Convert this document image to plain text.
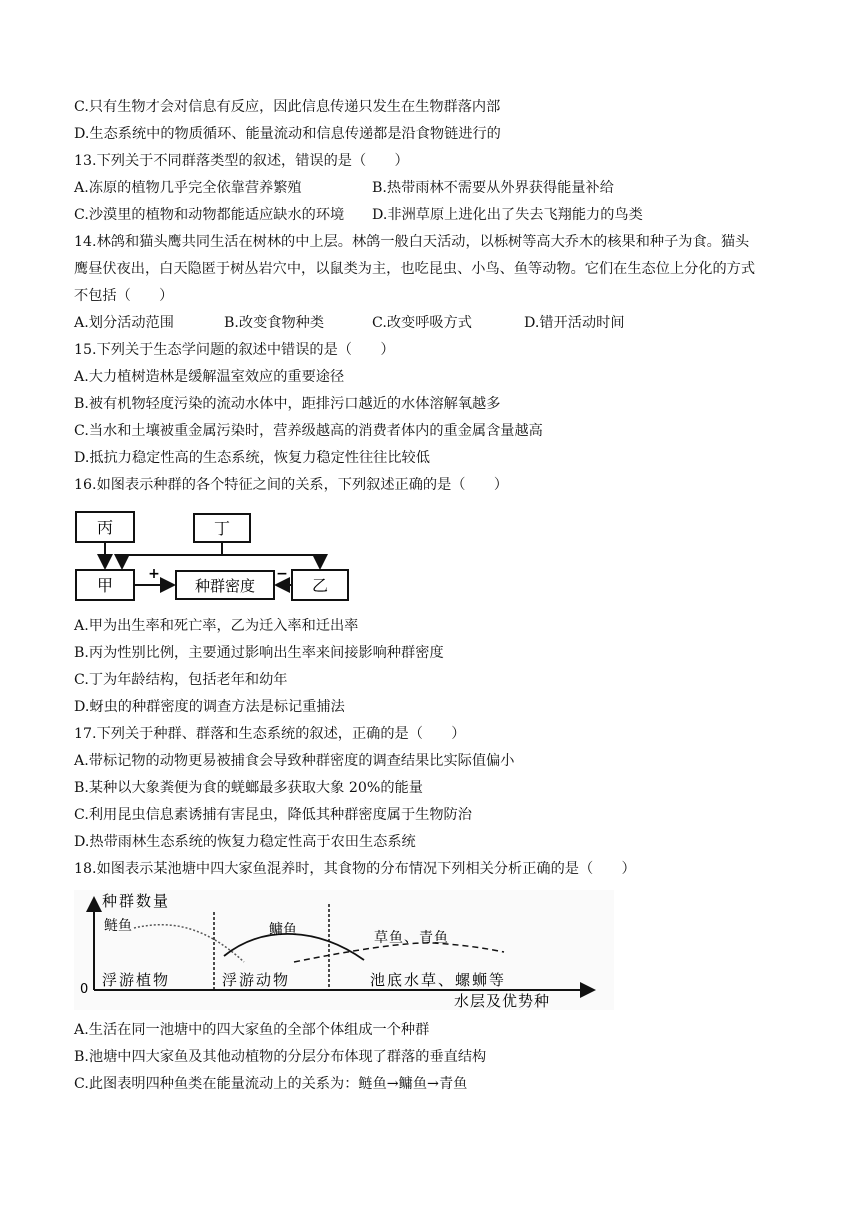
C.只有生物才会对信息有反应，因此信息传递只发生在生物群落内部
D.生态系统中的物质循环、能量流动和信息传递都是沿食物链进行的
13.下列关于不同群落类型的叙述，错误的是（　　）
A.冻原的植物几乎完全依靠营养繁殖	B.热带雨林不需要从外界获得能量补给
C.沙漠里的植物和动物都能适应缺水的环境 D.非洲草原上进化出了失去飞翔能力的鸟类
14.林鸽和猫头鹰共同生活在树林的中上层。林鸽一般白天活动，以栎树等高大乔木的核果和种子为食。猫头
鹰昼伏夜出，白天隐匿于树丛岩穴中，以鼠类为主，也吃昆虫、小鸟、鱼等动物。它们在生态位上分化的方式
不包括（　　）
A.划分活动范围	B.改变食物种类	C.改变呼吸方式	D.错开活动时间
15.下列关于生态学问题的叙述中错误的是（　　）
A.大力植树造林是缓解温室效应的重要途径
B.被有机物轻度污染的流动水体中，距排污口越近的水体溶解氧越多
C.当水和土壤被重金属污染时，营养级越高的消费者体内的重金属含量越高
D.抵抗力稳定性高的生态系统，恢复力稳定性往往比较低
16.如图表示种群的各个特征之间的关系，下列叙述正确的是（　　）
丙	丁
甲	种群密度	乙
+	−
A.甲为出生率和死亡率，乙为迁入率和迁出率
B.丙为性别比例，主要通过影响出生率来间接影响种群密度
C.丁为年龄结构，包括老年和幼年
D.蚜虫的种群密度的调查方法是标记重捕法
17.下列关于种群、群落和生态系统的叙述，正确的是（　　）
A.带标记物的动物更易被捕食会导致种群密度的调查结果比实际值偏小
B.某种以大象粪便为食的蜣螂最多获取大象 20%的能量
C.利用昆虫信息素诱捕有害昆虫，降低其种群密度属于生物防治
D.热带雨林生态系统的恢复力稳定性高于农田生态系统
18.如图表示某池塘中四大家鱼混养时，其食物的分布情况下列相关分析正确的是（　　）
0
种群数量
水层及优势种
鲢鱼	鳙鱼	草鱼、青鱼
浮游植物	浮游动物	池底水草、螺蛳等
A.生活在同一池塘中的四大家鱼的全部个体组成一个种群
B.池塘中四大家鱼及其他动植物的分层分布体现了群落的垂直结构
C.此图表明四种鱼类在能量流动上的关系为：鲢鱼→鳙鱼→青鱼
